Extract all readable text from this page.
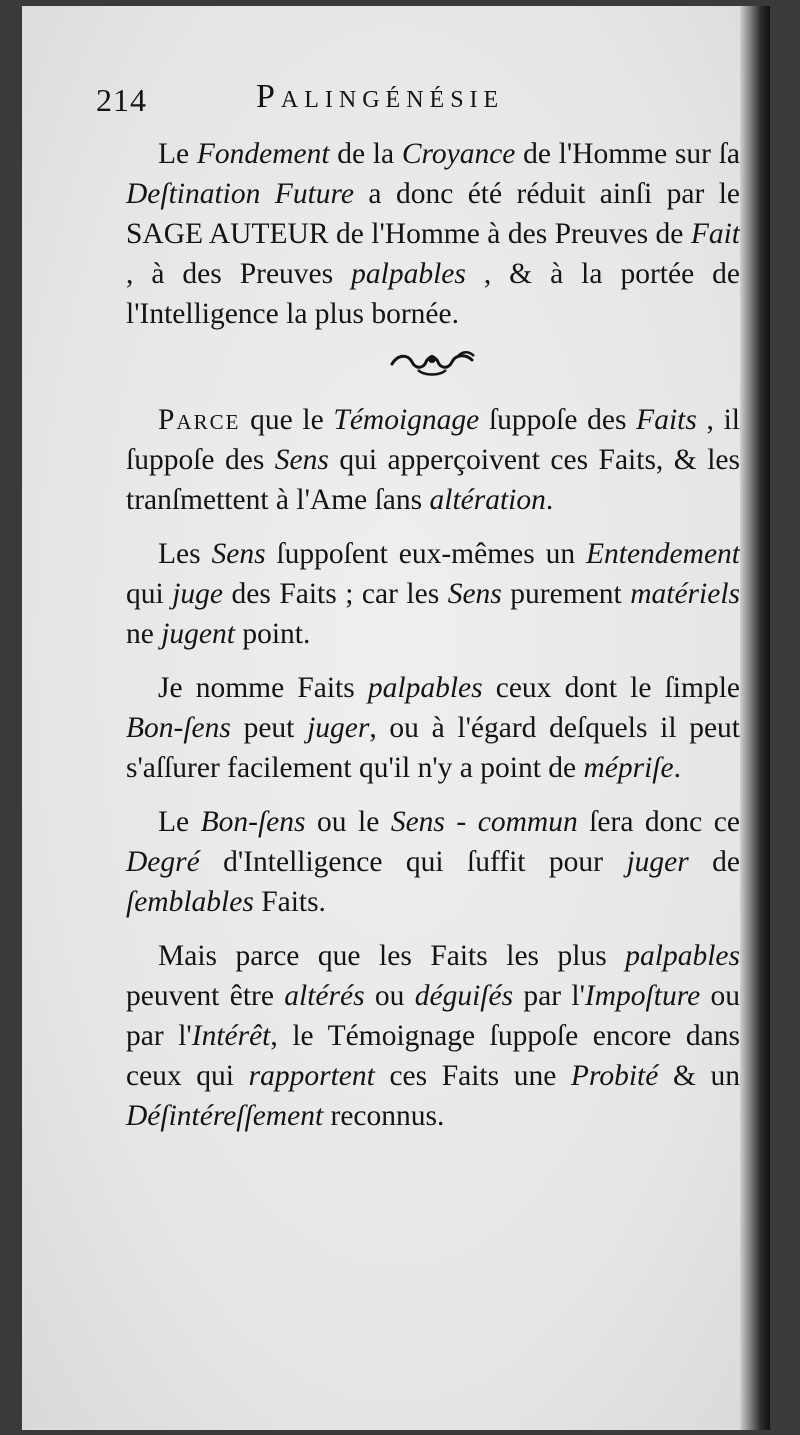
214	Palingénésie

Le Fondement de la Croyance de l'Homme sur ſa Deſtination Future a donc été réduit ainſi par le SAGE AUTEUR de l'Homme à des Preuves de Fait , à des Preuves palpables , & à la portée de l'Intelligence la plus bornée.

Parce que le Témoignage ſuppoſe des Faits , il ſuppoſe des Sens qui apperçoivent ces Faits, & les tranſmettent à l'Ame ſans altération.

Les Sens ſuppoſent eux-mêmes un Entendement qui juge des Faits ; car les Sens purement matériels ne jugent point.

Je nomme Faits palpables ceux dont le ſimple Bon-ſens peut juger, ou à l'égard deſquels il peut s'aſſurer facilement qu'il n'y a point de mépriſe.

Le Bon-ſens ou le Sens - commun ſera donc ce Degré d'Intelligence qui ſuffit pour juger de ſemblables Faits.

Mais parce que les Faits les plus palpables peuvent être altérés ou déguiſés par l'Impoſture ou par l'Intérêt, le Témoignage ſuppoſe encore dans ceux qui rapportent ces Faits une Probité & un Déſintéreſſement reconnus.
